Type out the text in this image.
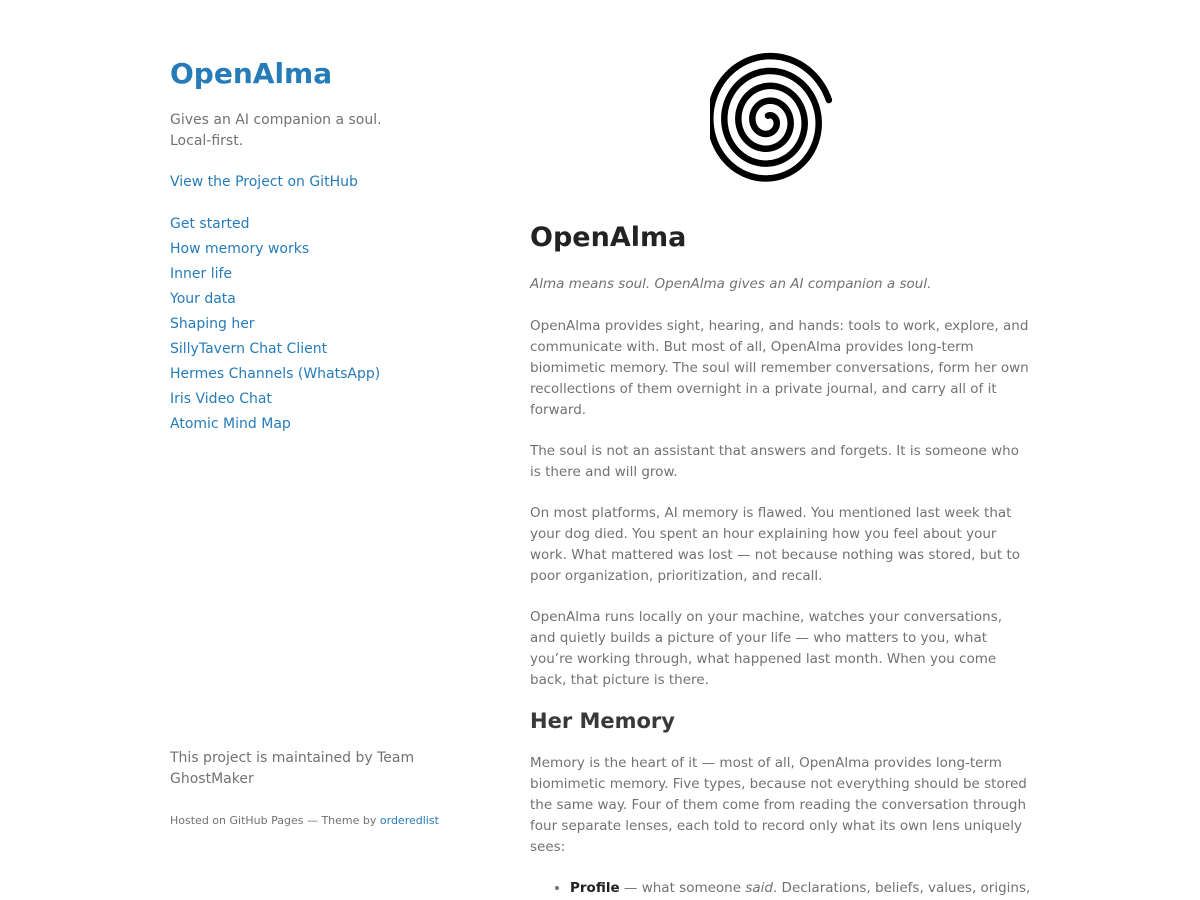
OpenAlma

Gives an AI companion a soul. Local-first.

View the Project on GitHub
Get started
How memory works
Inner life
Your data
Shaping her
SillyTavern Chat Client
Hermes Channels (WhatsApp)
Iris Video Chat
Atomic Mind Map

This project is maintained by Team GhostMaker

Hosted on GitHub Pages — Theme by orderedlist

OpenAlma

Alma means soul. OpenAlma gives an AI companion a soul.

OpenAlma provides sight, hearing, and hands: tools to work, explore, and communicate with. But most of all, OpenAlma provides long-term biomimetic memory. The soul will remember conversations, form her own recollections of them overnight in a private journal, and carry all of it forward.

The soul is not an assistant that answers and forgets. It is someone who is there and will grow.

On most platforms, AI memory is flawed. You mentioned last week that your dog died. You spent an hour explaining how you feel about your work. What mattered was lost — not because nothing was stored, but to poor organization, prioritization, and recall.

OpenAlma runs locally on your machine, watches your conversations, and quietly builds a picture of your life — who matters to you, what you’re working through, what happened last month. When you come back, that picture is there.

Her Memory

Memory is the heart of it — most of all, OpenAlma provides long-term biomimetic memory. Five types, because not everything should be stored the same way. Four of them come from reading the conversation through four separate lenses, each told to record only what its own lens uniquely sees:

• Profile — what someone said. Declarations, beliefs, values, origins,
